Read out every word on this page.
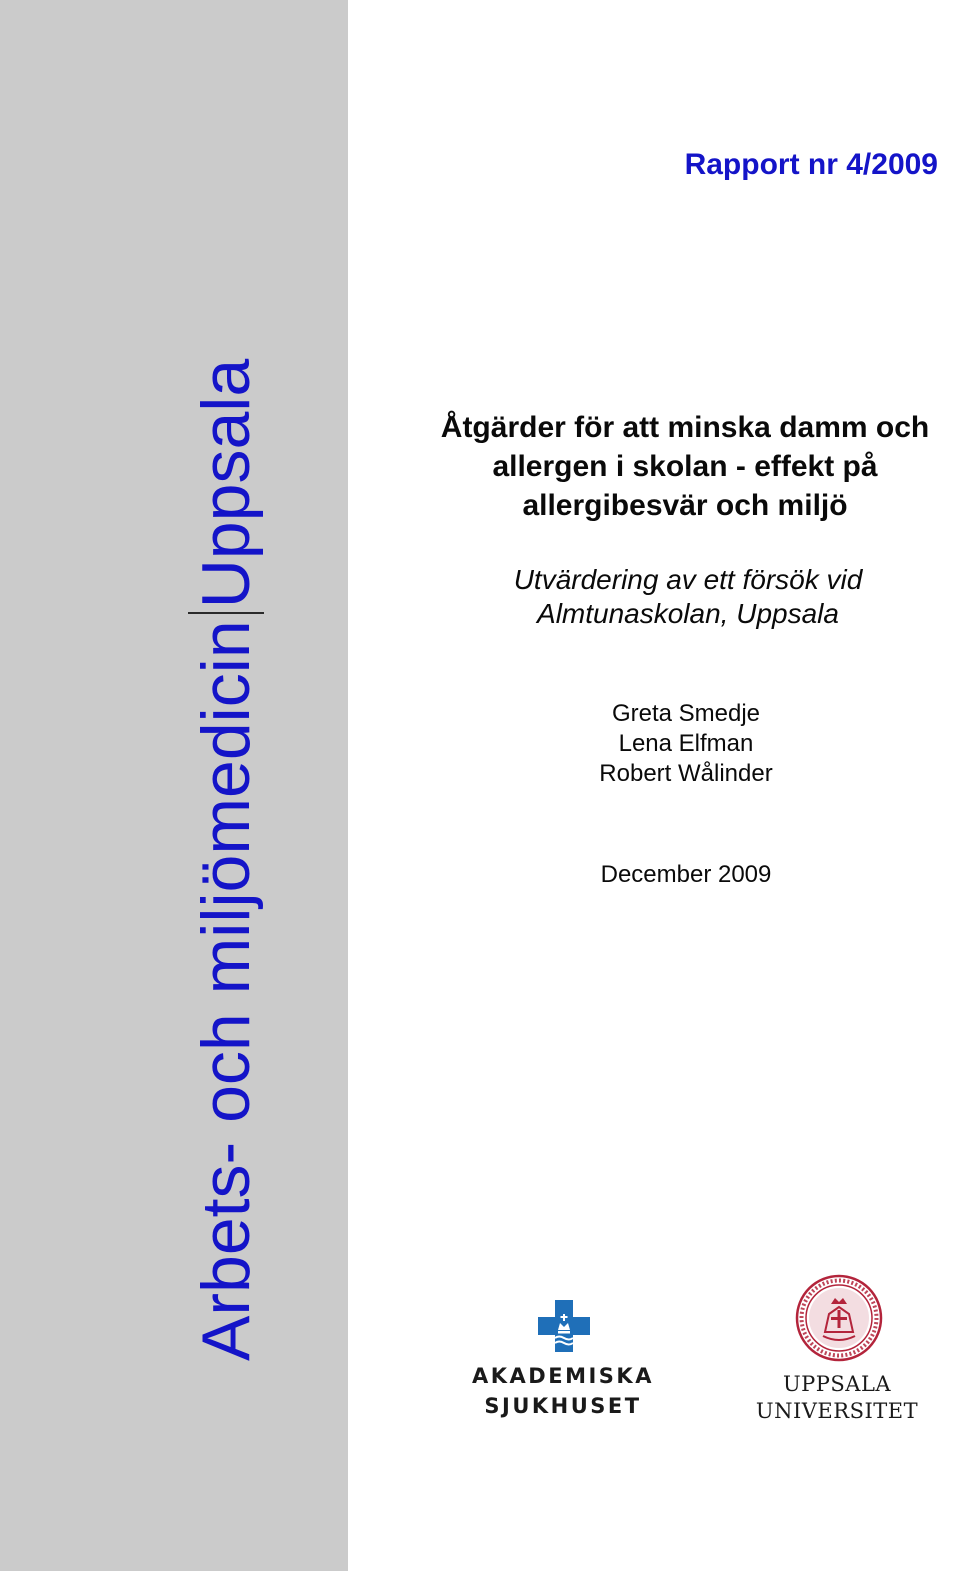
Arbets- och miljömedicin
Uppsala
Rapport nr 4/2009
Åtgärder för att minska damm och
allergen i skolan - effekt på
allergibesvär och miljö
Utvärdering av ett försök vid
Almtunaskolan, Uppsala
Greta Smedje
Lena Elfman
Robert Wålinder
December 2009
AKADEMISKA
SJUKHUSET
UPPSALA
UNIVERSITET
